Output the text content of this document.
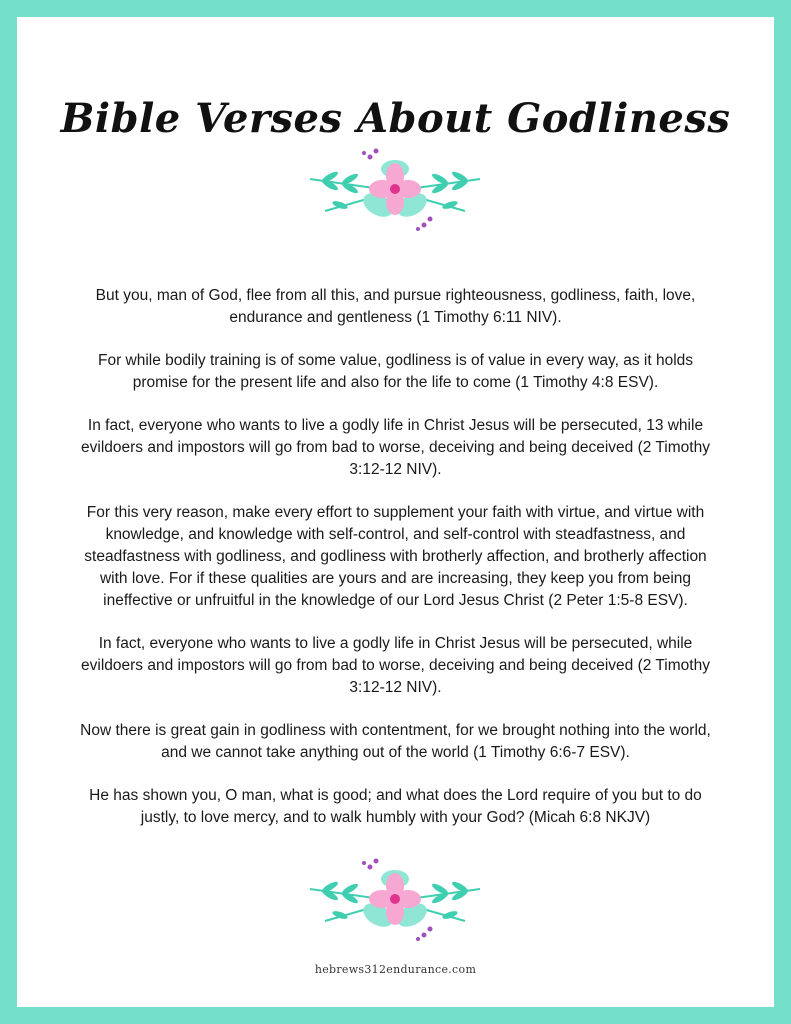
Bible Verses About Godliness

But you, man of God, flee from all this, and pursue righteousness, godliness, faith, love, endurance and gentleness (1 Timothy 6:11 NIV).

For while bodily training is of some value, godliness is of value in every way, as it holds promise for the present life and also for the life to come (1 Timothy 4:8 ESV).

In fact, everyone who wants to live a godly life in Christ Jesus will be persecuted, 13 while evildoers and impostors will go from bad to worse, deceiving and being deceived (2 Timothy 3:12-12 NIV).

For this very reason, make every effort to supplement your faith with virtue, and virtue with knowledge, and knowledge with self-control, and self-control with steadfastness, and steadfastness with godliness, and godliness with brotherly affection, and brotherly affection with love. For if these qualities are yours and are increasing, they keep you from being ineffective or unfruitful in the knowledge of our Lord Jesus Christ (2 Peter 1:5-8 ESV).

In fact, everyone who wants to live a godly life in Christ Jesus will be persecuted, while evildoers and impostors will go from bad to worse, deceiving and being deceived (2 Timothy 3:12-12 NIV).

Now there is great gain in godliness with contentment, for we brought nothing into the world, and we cannot take anything out of the world (1 Timothy 6:6-7 ESV).

He has shown you, O man, what is good; and what does the Lord require of you but to do justly, to love mercy, and to walk humbly with your God? (Micah 6:8 NKJV)

hebrews312endurance.com
